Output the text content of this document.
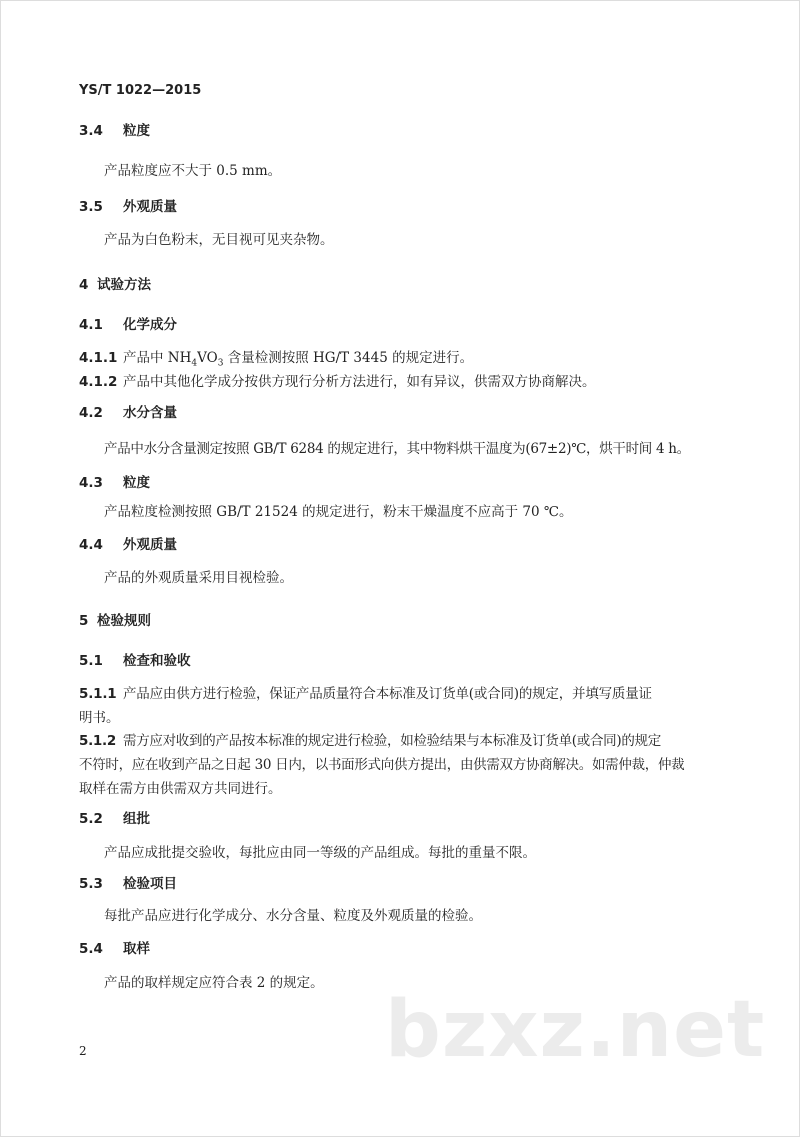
YS/T 1022—2015
3.4 粒度
产品粒度应不大于 0.5 mm。
3.5 外观质量
产品为白色粉末，无目视可见夹杂物。
4 试验方法
4.1 化学成分
4.1.1 产品中 $NH_4VO_3$ 含量检测按照 HG/T 3445 的规定进行。
4.1.2 产品中其他化学成分按供方现行分析方法进行，如有异议，供需双方协商解决。
4.2 水分含量
产品中水分含量测定按照 GB/T 6284 的规定进行，其中物料烘干温度为(67±2)℃，烘干时间 4 h。
4.3 粒度
产品粒度检测按照 GB/T 21524 的规定进行，粉末干燥温度不应高于 70 ℃。
4.4 外观质量
产品的外观质量采用目视检验。
5 检验规则
5.1 检查和验收
5.1.1 产品应由供方进行检验，保证产品质量符合本标准及订货单(或合同)的规定，并填写质量证
明书。
5.1.2 需方应对收到的产品按本标准的规定进行检验，如检验结果与本标准及订货单(或合同)的规定
不符时，应在收到产品之日起 30 日内，以书面形式向供方提出，由供需双方协商解决。如需仲裁，仲裁
取样在需方由供需双方共同进行。
5.2 组批
产品应成批提交验收，每批应由同一等级的产品组成。每批的重量不限。
5.3 检验项目
每批产品应进行化学成分、水分含量、粒度及外观质量的检验。
5.4 取样
产品的取样规定应符合表 2 的规定。
bzxz.net
2
